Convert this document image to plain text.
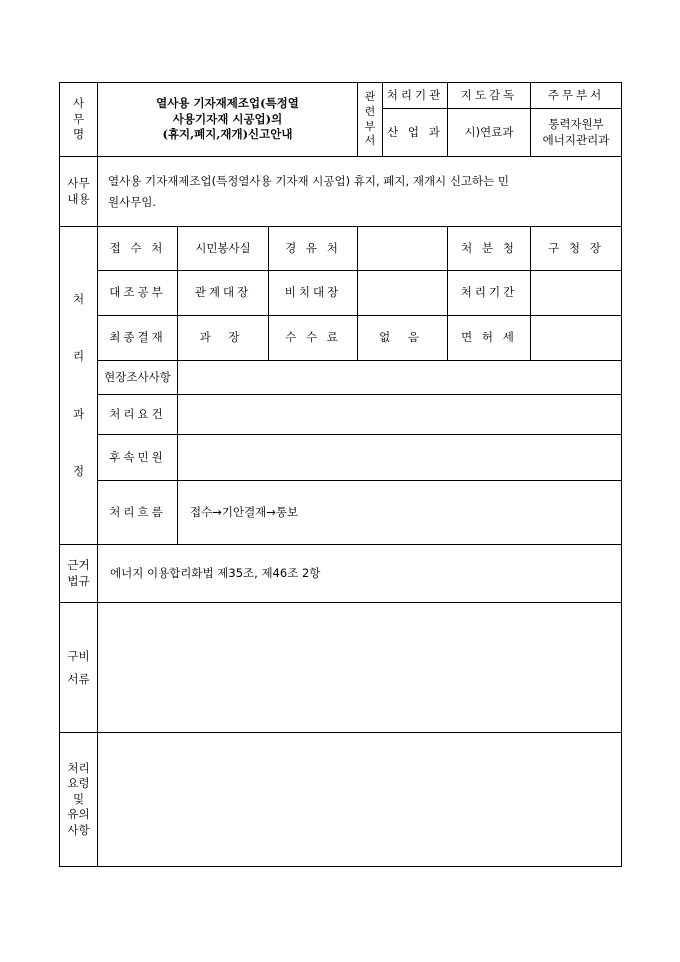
사
무
명	열사용 기자재제조업(특정열
사용기자재 시공업)의
(휴지,폐지,재개)신고안내			관
련
부
서	처리기관	지도감독	주무부서
					산 업 과	시)연료과	통력자원부
에너지관리과

사무
내용	열사용 기자재제조업(특정열사용 기자재 시공업) 휴지, 폐지, 재개시 신고하는 민
원사무임.						

처
리
과
정	접 수 처	시민봉사실	경 유 처			처 분 청	구 청 장
	대조공부	관계대장	비치대장			처리기간	
	최종결재	과 장	수 수 료	없 음		면 허 세	
	현장조사사항						
	처리요건						
	후속민원						
	처리흐름	접수→기안결재→통보					

근거
법규	에너지 이용합리화법 제35조, 제46조 2항						

구비
서류							

처리
요령
및
유의
사항							
